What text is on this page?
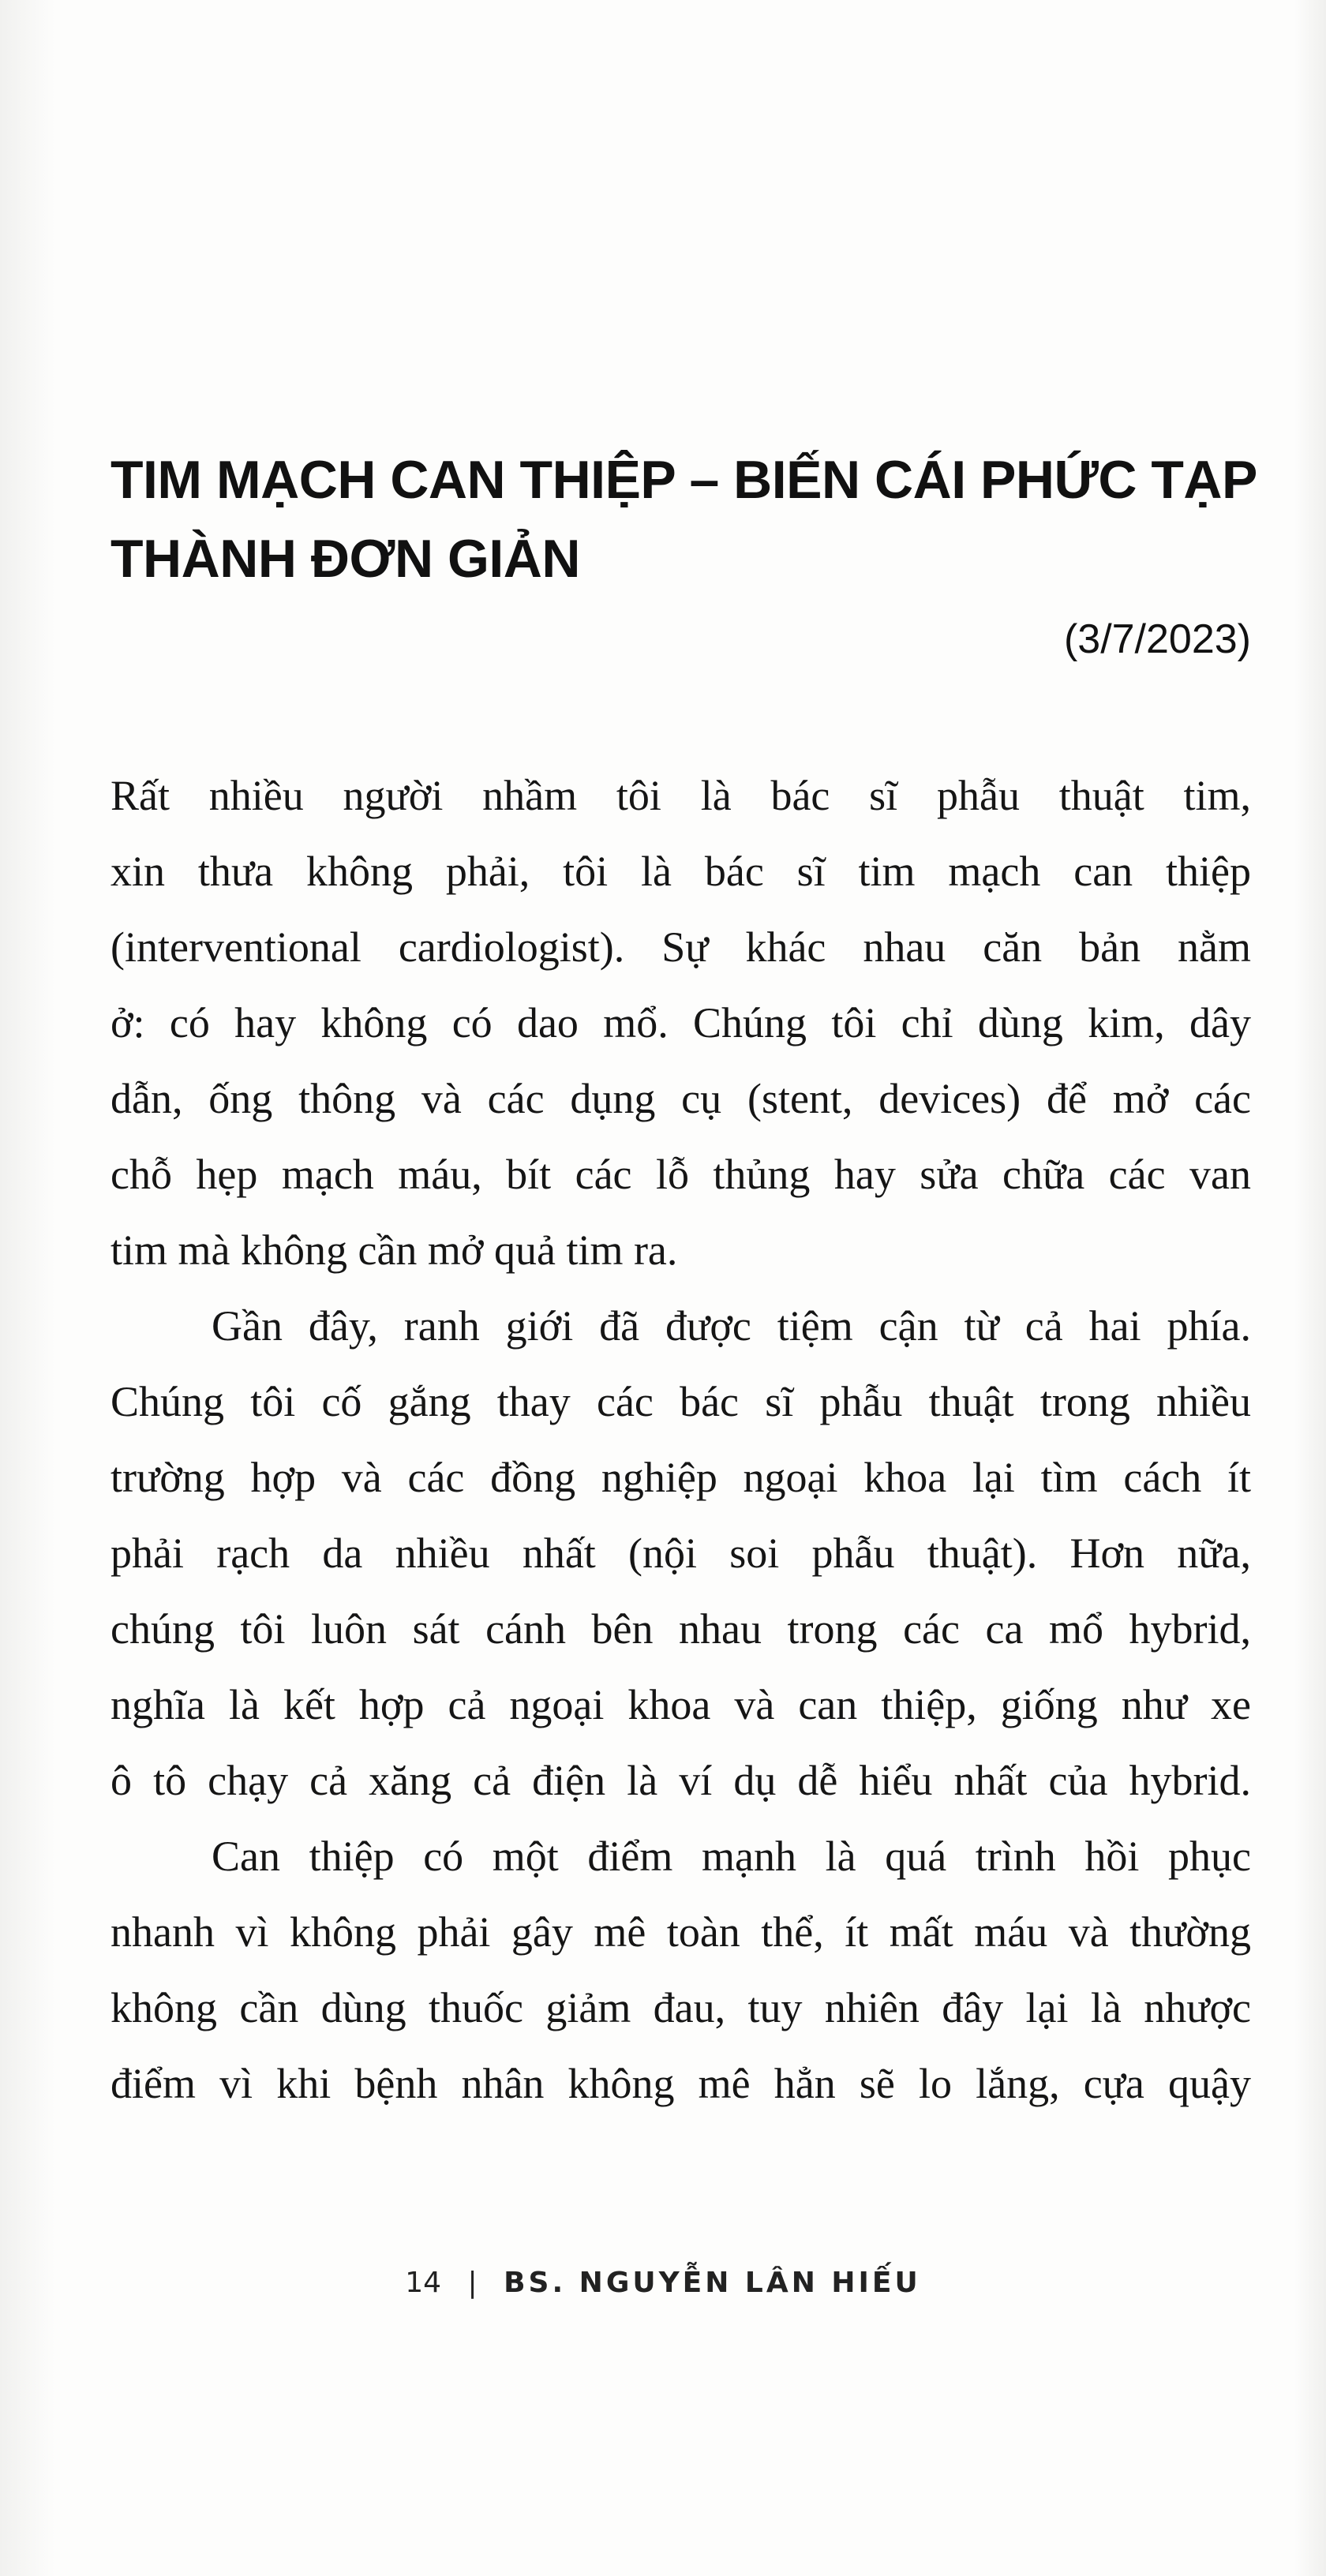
TIM MẠCH CAN THIỆP – BIẾN CÁI PHỨC TẠP
THÀNH ĐƠN GIẢN
(3/7/2023)
Rất nhiều người nhầm tôi là bác sĩ phẫu thuật tim,
xin thưa không phải, tôi là bác sĩ tim mạch can thiệp
(interventional cardiologist). Sự khác nhau căn bản nằm
ở: có hay không có dao mổ. Chúng tôi chỉ dùng kim, dây
dẫn, ống thông và các dụng cụ (stent, devices) để mở các
chỗ hẹp mạch máu, bít các lỗ thủng hay sửa chữa các van
tim mà không cần mở quả tim ra.
Gần đây, ranh giới đã được tiệm cận từ cả hai phía.
Chúng tôi cố gắng thay các bác sĩ phẫu thuật trong nhiều
trường hợp và các đồng nghiệp ngoại khoa lại tìm cách ít
phải rạch da nhiều nhất (nội soi phẫu thuật). Hơn nữa,
chúng tôi luôn sát cánh bên nhau trong các ca mổ hybrid,
nghĩa là kết hợp cả ngoại khoa và can thiệp, giống như xe
ô tô chạy cả xăng cả điện là ví dụ dễ hiểu nhất của hybrid.
Can thiệp có một điểm mạnh là quá trình hồi phục
nhanh vì không phải gây mê toàn thể, ít mất máu và thường
không cần dùng thuốc giảm đau, tuy nhiên đây lại là nhược
điểm vì khi bệnh nhân không mê hẳn sẽ lo lắng, cựa quậy
14 | BS. NGUYỄN LÂN HIẾU
